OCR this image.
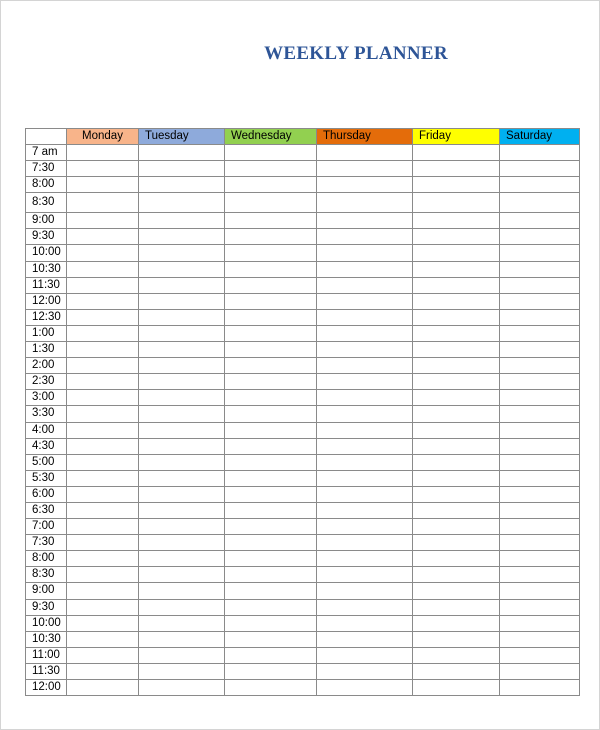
WEEKLY PLANNER
	Monday	Tuesday	Wednesday	Thursday	Friday	Saturday
7 am						
7:30						
8:00						
8:30						
9:00						
9:30						
10:00						
10:30						
11:30						
12:00						
12:30						
1:00						
1:30						
2:00						
2:30						
3:00						
3:30						
4:00						
4:30						
5:00						
5:30						
6:00						
6:30						
7:00						
7:30						
8:00						
8:30						
9:00						
9:30						
10:00						
10:30						
11:00						
11:30						
12:00						
